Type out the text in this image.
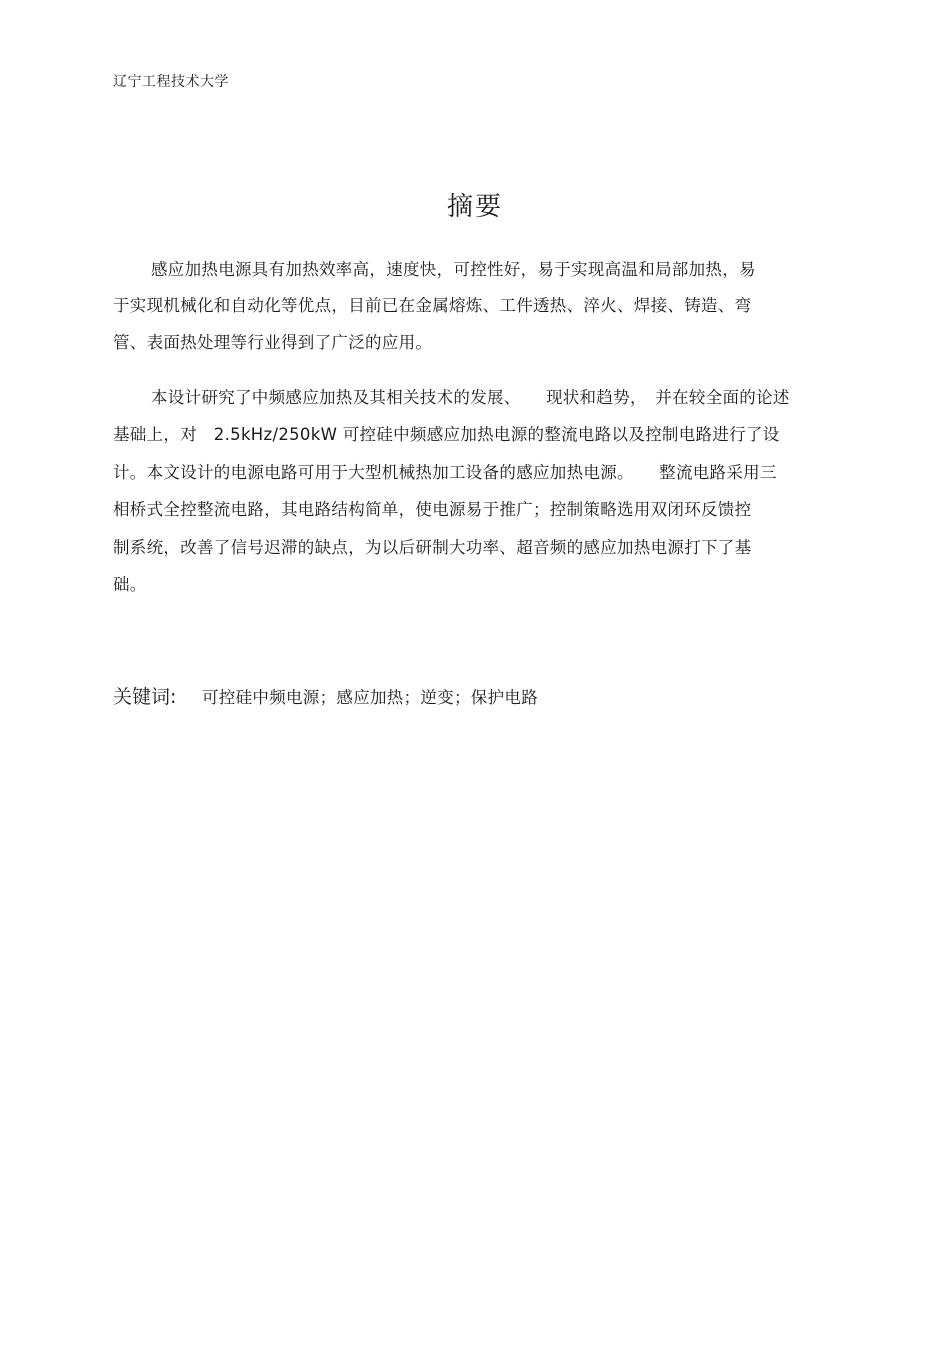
辽宁工程技术大学
摘要
感应加热电源具有加热效率高，速度快，可控性好，易于实现高温和局部加热，易
于实现机械化和自动化等优点，目前已在金属熔炼、工件透热、淬火、焊接、铸造、弯
管、表面热处理等行业得到了广泛的应用。
本设计研究了中频感应加热及其相关技术的发展、　　现状和趋势，　并在较全面的论述
基础上，对　2.5kHz/250kW 可控硅中频感应加热电源的整流电路以及控制电路进行了设
计。本文设计的电源电路可用于大型机械热加工设备的感应加热电源。　　整流电路采用三
相桥式全控整流电路，其电路结构简单，使电源易于推广；控制策略选用双闭环反馈控
制系统，改善了信号迟滞的缺点，为以后研制大功率、超音频的感应加热电源打下了基
础。
关键词: 可控硅中频电源；感应加热；逆变；保护电路
